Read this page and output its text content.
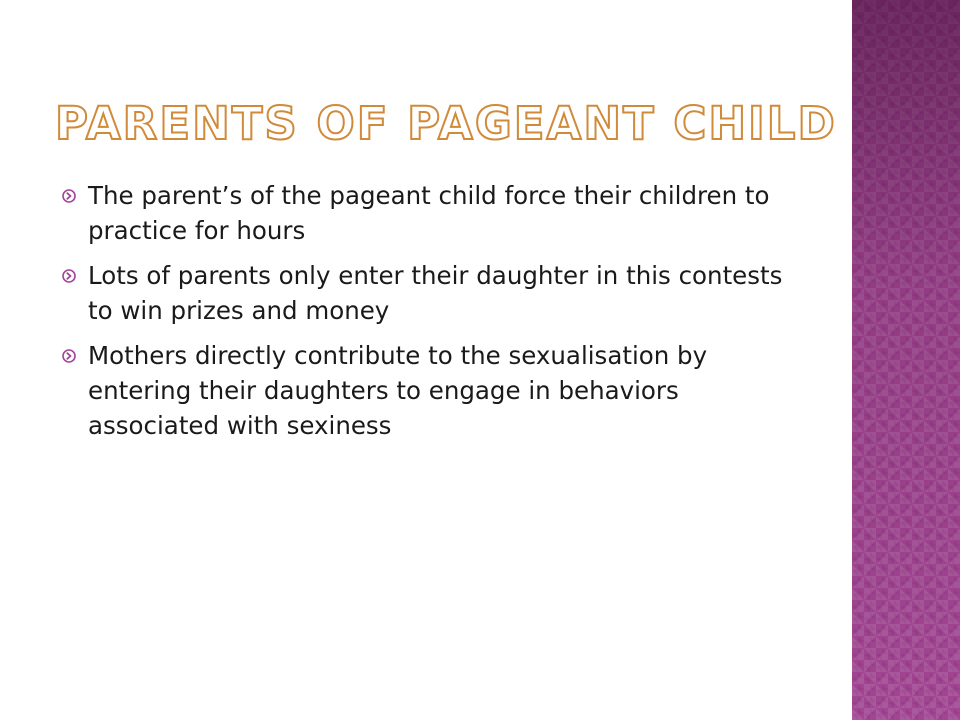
PARENTS OF PAGEANT CHILD
The parent’s of the pageant child force their children to practice for hours
Lots of parents only enter their daughter in this contests to win prizes and money
Mothers directly contribute to the sexualisation by entering their daughters to engage in behaviors associated with sexiness
